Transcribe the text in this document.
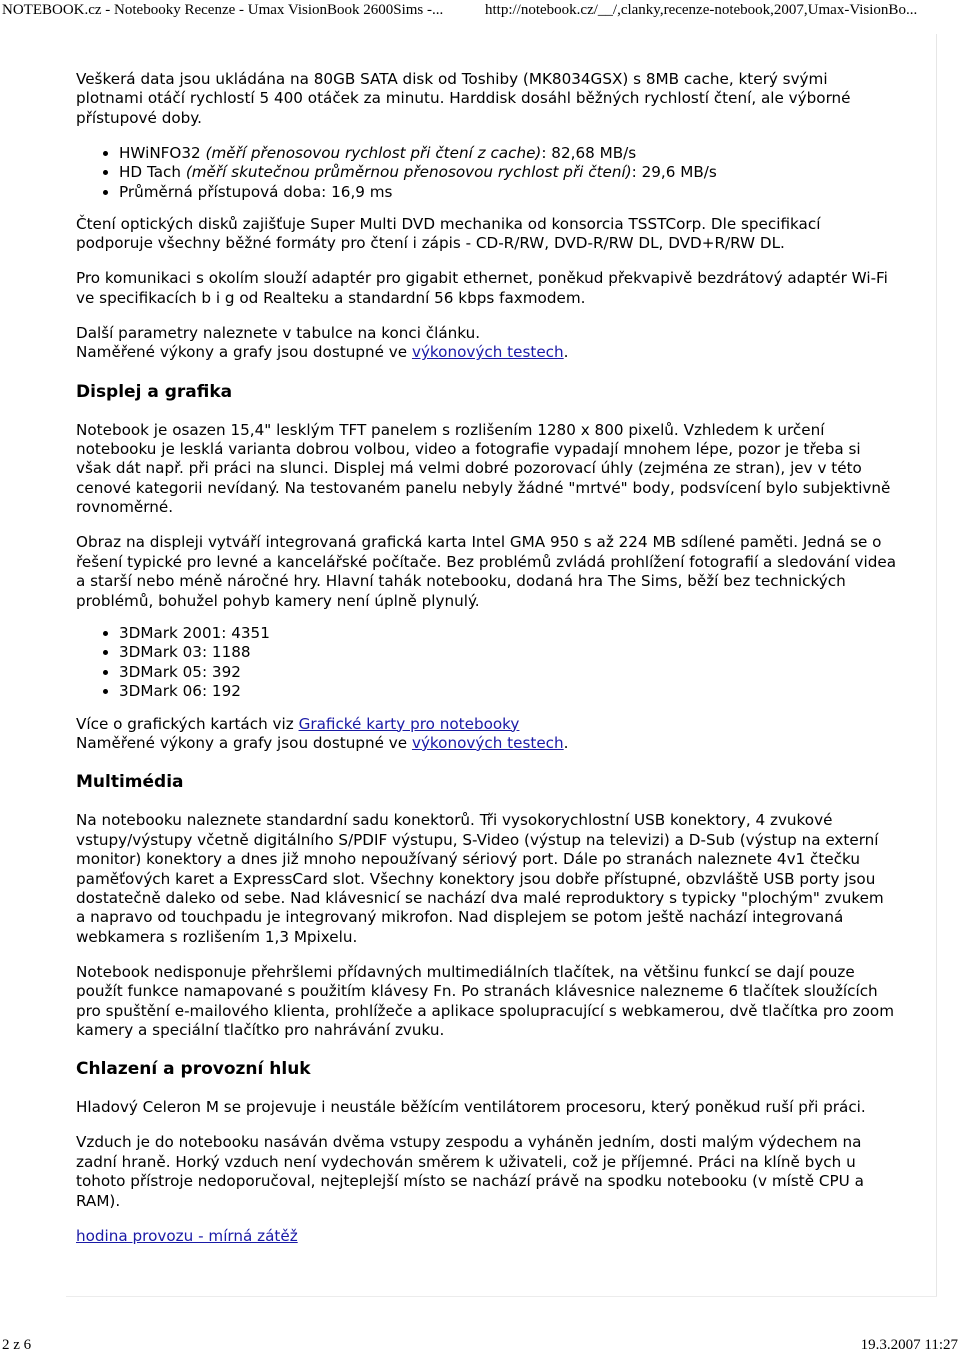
NOTEBOOK.cz - Notebooky Recenze - Umax VisionBook 2600Sims -...	http://notebook.cz/__/,clanky,recenze-notebook,2007,Umax-VisionBo...

Veškerá data jsou ukládána na 80GB SATA disk od Toshiby (MK8034GSX) s 8MB cache, který svými plotnami otáčí rychlostí 5 400 otáček za minutu. Harddisk dosáhl běžných rychlostí čtení, ale výborné přístupové doby.

• HWiNFO32 (měří přenosovou rychlost při čtení z cache): 82,68 MB/s
• HD Tach (měří skutečnou průměrnou přenosovou rychlost při čtení): 29,6 MB/s
• Průměrná přístupová doba: 16,9 ms

Čtení optických disků zajišťuje Super Multi DVD mechanika od konsorcia TSSTCorp. Dle specifikací podporuje všechny běžné formáty pro čtení i zápis - CD-R/RW, DVD-R/RW DL, DVD+R/RW DL.

Pro komunikaci s okolím slouží adaptér pro gigabit ethernet, poněkud překvapivě bezdrátový adaptér Wi-Fi ve specifikacích b i g od Realteku a standardní 56 kbps faxmodem.

Další parametry naleznete v tabulce na konci článku.
Naměřené výkony a grafy jsou dostupné ve výkonových testech.

Displej a grafika

Notebook je osazen 15,4" lesklým TFT panelem s rozlišením 1280 x 800 pixelů. Vzhledem k určení notebooku je lesklá varianta dobrou volbou, video a fotografie vypadají mnohem lépe, pozor je třeba si však dát např. při práci na slunci. Displej má velmi dobré pozorovací úhly (zejména ze stran), jev v této cenové kategorii nevídaný. Na testovaném panelu nebyly žádné "mrtvé" body, podsvícení bylo subjektivně rovnoměrné.

Obraz na displeji vytváří integrovaná grafická karta Intel GMA 950 s až 224 MB sdílené paměti. Jedná se o řešení typické pro levné a kancelářské počítače. Bez problémů zvládá prohlížení fotografií a sledování videa a starší nebo méně náročné hry. Hlavní tahák notebooku, dodaná hra The Sims, běží bez technických problémů, bohužel pohyb kamery není úplně plynulý.

• 3DMark 2001: 4351
• 3DMark 03: 1188
• 3DMark 05: 392
• 3DMark 06: 192

Více o grafických kartách viz Grafické karty pro notebooky
Naměřené výkony a grafy jsou dostupné ve výkonových testech.

Multimédia

Na notebooku naleznete standardní sadu konektorů. Tři vysokorychlostní USB konektory, 4 zvukové vstupy/výstupy včetně digitálního S/PDIF výstupu, S-Video (výstup na televizi) a D-Sub (výstup na externí monitor) konektory a dnes již mnoho nepoužívaný sériový port. Dále po stranách naleznete 4v1 čtečku paměťových karet a ExpressCard slot. Všechny konektory jsou dobře přístupné, obzvláště USB porty jsou dostatečně daleko od sebe. Nad klávesnicí se nachází dva malé reproduktory s typicky "plochým" zvukem a napravo od touchpadu je integrovaný mikrofon. Nad displejem se potom ještě nachází integrovaná webkamera s rozlišením 1,3 Mpixelu.

Notebook nedisponuje přehršlemi přídavných multimediálních tlačítek, na většinu funkcí se dají pouze použít funkce namapované s použitím klávesy Fn. Po stranách klávesnice nalezneme 6 tlačítek sloužících pro spuštění e-mailového klienta, prohlížeče a aplikace spolupracující s webkamerou, dvě tlačítka pro zoom kamery a speciální tlačítko pro nahrávání zvuku.

Chlazení a provozní hluk

Hladový Celeron M se projevuje i neustále běžícím ventilátorem procesoru, který poněkud ruší při práci.

Vzduch je do notebooku nasáván dvěma vstupy zespodu a vyháněn jedním, dosti malým výdechem na zadní hraně. Horký vzduch není vydechován směrem k uživateli, což je příjemné. Práci na klíně bych u tohoto přístroje nedoporučoval, nejteplejší místo se nachází právě na spodku notebooku (v místě CPU a RAM).

hodina provozu - mírná zátěž

2 z 6	19.3.2007 11:27
